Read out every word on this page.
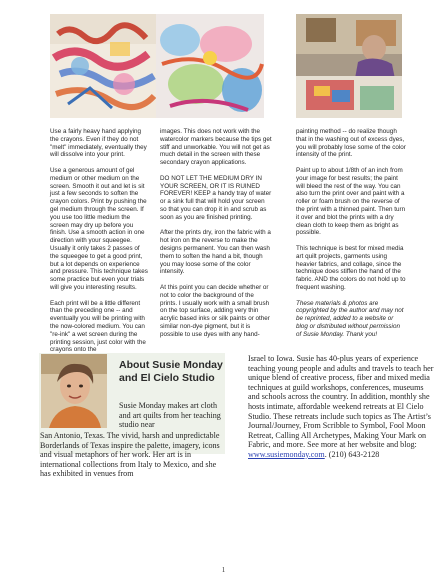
Use a fairly heavy hand applying the crayons. Even if they do not "melt" immediately, eventually they will dissolve into your print.

Use a generous amount of gel medium or other medium on the screen. Smooth it out and let is sit just a few seconds to soften the crayon colors. Print by pushing the gel medium through the screen. If you use too little medium the screen may dry up before you finish. Use a smooth action in one direction with your squeegee. Usually it only takes 2 passes of the squeegee to get a good print, but a lot depends on experience and pressure. This technique takes some practice but even your trials will give you interesting results.

Each print will be a little different than the preceding one -- and eventually you will be printing with the now-colored medium. You can "re-ink" a wet screen during the printing session, just color with the crayons onto the

images. This does not work with the watercolor markers because the tips get stiff and unworkable. You will not get as much detail in the screen with these secondary crayon applications.

DO NOT LET THE MEDIUM DRY IN YOUR SCREEN, OR IT IS RUINED FOREVER! KEEP a handy tray of water or a sink full that will hold your screen so that you can drop it in and scrub as soon as you are finished printing.

After the prints dry, iron the fabric with a hot iron on the reverse to make the designs permanent. You can then wash them to soften the hand a bit, though you may loose some of the color intensity.

At this point you can decide whether or not to color the background of the prints. I usually work with a small brush on the top surface, adding very thin acrylic based inks or silk paints or other similar non-dye pigment, but it is possible to use dyes with any hand-

painting method -- do realize though that in the washing out of excess dyes, you will probably lose some of the color intensity of the print.

Paint up to about 1/8th of an inch from your image for best results; the paint will bleed the rest of the way. You can also turn the print over and paint with a roller or foam brush on the reverse of the print with a thinned paint. Then turn it over and blot the prints with a dry clean cloth to keep them as bright as possible.

This technique is best for mixed media art quilt projects, garments using heavier fabrics, and collage, since the technique does stiffen the hand of the fabric. AND the colors do not hold up to frequent washing.

These materials & photos are copyrighted by the author and may not be reprinted, added to a website or blog or distributed without permission of Susie Monday. Thank you!

About Susie Monday and El Cielo Studio
Susie Monday makes art cloth and art quilts from her teaching studio near
San Antonio, Texas. The vivid, harsh and unpredictable Borderlands of Texas inspire the palette, imagery, icons and visual metaphors of her work. Her art is in international collections from Italy to Mexico, and she has exhibited in venues from
Israel to Iowa. Susie has 40-plus years of experience teaching young people and adults and travels to teach her unique blend of creative process, fiber and mixed media techniques at guild workshops, conferences, museums and schools across the country. In addition, monthly she hosts intimate, affordable weekend retreats at El Cielo Studio. These retreats include such topics as The Artist’s Journal/Journey, From Scribble to Symbol, Fool Moon Retreat, Calling All Archetypes, Making Your Mark on Fabric, and more. See more at her website and blog:
www.susiemonday.com. (210) 643-2128
1
